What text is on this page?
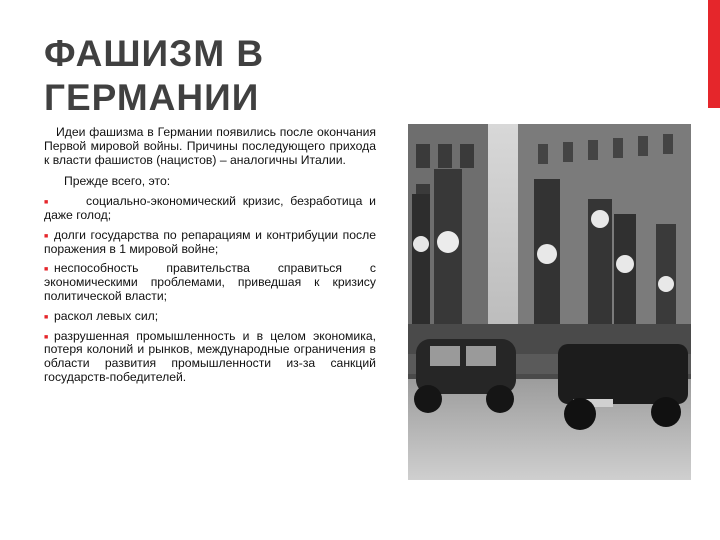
ФАШИЗМ В ГЕРМАНИИ

Идеи фашизма в Германии появились после окончания Первой мировой войны. Причины последующего прихода к власти фашистов (нацистов) – аналогичны Италии.

Прежде всего, это:
■	социально-экономический кризис, безработица и даже голод;
■ долги государства по репарациям и контрибуции после поражения в 1 мировой войне;
■ неспособность правительства справиться с экономическими проблемами, приведшая к кризису политической власти;
■ раскол левых сил;
■ разрушенная промышленность и в целом экономика, потеря колоний и рынков, международные ограничения в области развития промышленности из-за санкций государств-победителей.
